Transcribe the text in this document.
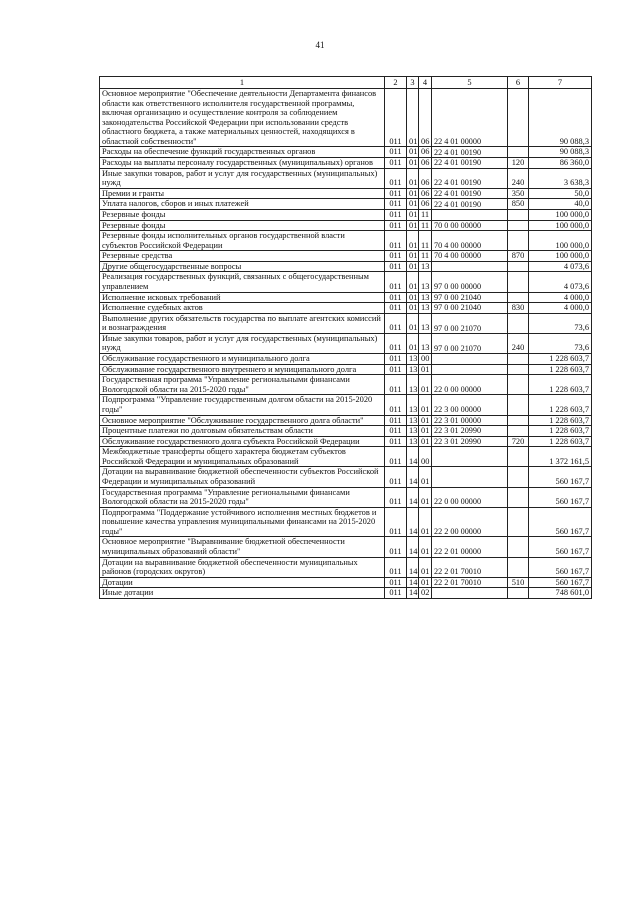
41
1	2	3	4	5	6	7
Основное мероприятие "Обеспечение деятельности Департамента финансов области как ответственного исполнителя государственной программы, включая организацию и осуществление контроля за соблюдением законодательства Российской Федерации при использовании средств областного бюджета, а также материальных ценностей, находящихся в областной собственности"	011	01	06	22 4 01 00000		90 088,3
Расходы на обеспечение функций государственных органов	011	01	06	22 4 01 00190		90 088,3
Расходы на выплаты персоналу государственных (муниципальных) органов	011	01	06	22 4 01 00190	120	86 360,0
Иные закупки товаров, работ и услуг для государственных (муниципальных) нужд	011	01	06	22 4 01 00190	240	3 638,3
Премии и гранты	011	01	06	22 4 01 00190	350	50,0
Уплата налогов, сборов и иных платежей	011	01	06	22 4 01 00190	850	40,0
Резервные фонды	011	01	11			100 000,0
Резервные фонды	011	01	11	70 0 00 00000		100 000,0
Резервные фонды исполнительных органов государственной власти субъектов Российской Федерации	011	01	11	70 4 00 00000		100 000,0
Резервные средства	011	01	11	70 4 00 00000	870	100 000,0
Другие общегосударственные вопросы	011	01	13			4 073,6
Реализация государственных функций, связанных с общегосударственным управлением	011	01	13	97 0 00 00000		4 073,6
Исполнение исковых требований	011	01	13	97 0 00 21040		4 000,0
Исполнение судебных актов	011	01	13	97 0 00 21040	830	4 000,0
Выполнение других обязательств государства по выплате агентских комиссий и вознаграждения	011	01	13	97 0 00 21070		73,6
Иные закупки товаров, работ и услуг для государственных (муниципальных) нужд	011	01	13	97 0 00 21070	240	73,6
Обслуживание государственного и муниципального долга	011	13	00			1 228 603,7
Обслуживание государственного внутреннего и муниципального долга	011	13	01			1 228 603,7
Государственная программа "Управление региональными финансами Вологодской области на 2015-2020 годы"	011	13	01	22 0 00 00000		1 228 603,7
Подпрограмма "Управление государственным долгом области на 2015-2020 годы"	011	13	01	22 3 00 00000		1 228 603,7
Основное мероприятие "Обслуживание государственного долга области"	011	13	01	22 3 01 00000		1 228 603,7
Процентные платежи по долговым обязательствам области	011	13	01	22 3 01 20990		1 228 603,7
Обслуживание государственного долга субъекта Российской Федерации	011	13	01	22 3 01 20990	720	1 228 603,7
Межбюджетные трансферты общего характера бюджетам субъектов Российской Федерации и муниципальных образований	011	14	00			1 372 161,5
Дотации на выравнивание бюджетной обеспеченности субъектов Российской Федерации и муниципальных образований	011	14	01			560 167,7
Государственная программа "Управление региональными финансами Вологодской области на 2015-2020 годы"	011	14	01	22 0 00 00000		560 167,7
Подпрограмма "Поддержание устойчивого исполнения местных бюджетов и повышение качества управления муниципальными финансами на 2015-2020 годы"	011	14	01	22 2 00 00000		560 167,7
Основное мероприятие "Выравнивание бюджетной обеспеченности муниципальных образований области"	011	14	01	22 2 01 00000		560 167,7
Дотации на выравнивание бюджетной обеспеченности муниципальных районов (городских округов)	011	14	01	22 2 01 70010		560 167,7
Дотации	011	14	01	22 2 01 70010	510	560 167,7
Иные дотации	011	14	02			748 601,0
